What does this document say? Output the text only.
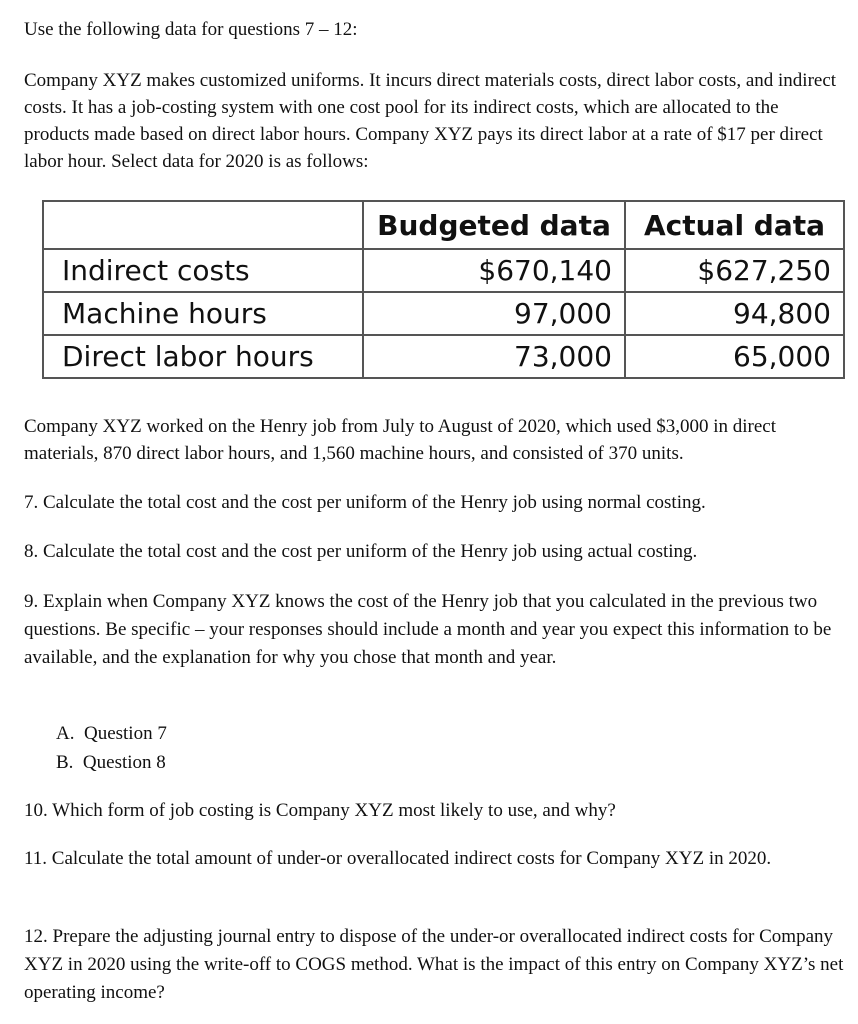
Use the following data for questions 7 – 12:

Company XYZ makes customized uniforms. It incurs direct materials costs, direct labor costs, and indirect costs. It has a job-costing system with one cost pool for its indirect costs, which are allocated to the products made based on direct labor hours. Company XYZ pays its direct labor at a rate of $17 per direct labor hour. Select data for 2020 is as follows:

	Budgeted data	Actual data
Indirect costs	$670,140	$627,250
Machine hours	97,000	94,800
Direct labor hours	73,000	65,000

Company XYZ worked on the Henry job from July to August of 2020, which used $3,000 in direct materials, 870 direct labor hours, and 1,560 machine hours, and consisted of 370 units.

7. Calculate the total cost and the cost per uniform of the Henry job using normal costing.

8. Calculate the total cost and the cost per uniform of the Henry job using actual costing.

9. Explain when Company XYZ knows the cost of the Henry job that you calculated in the previous two questions. Be specific – your responses should include a month and year you expect this information to be available, and the explanation for why you chose that month and year.

A. Question 7

B. Question 8

10. Which form of job costing is Company XYZ most likely to use, and why?

11. Calculate the total amount of under-or overallocated indirect costs for Company XYZ in 2020.

12. Prepare the adjusting journal entry to dispose of the under-or overallocated indirect costs for Company XYZ in 2020 using the write-off to COGS method. What is the impact of this entry on Company XYZ’s net operating income?
